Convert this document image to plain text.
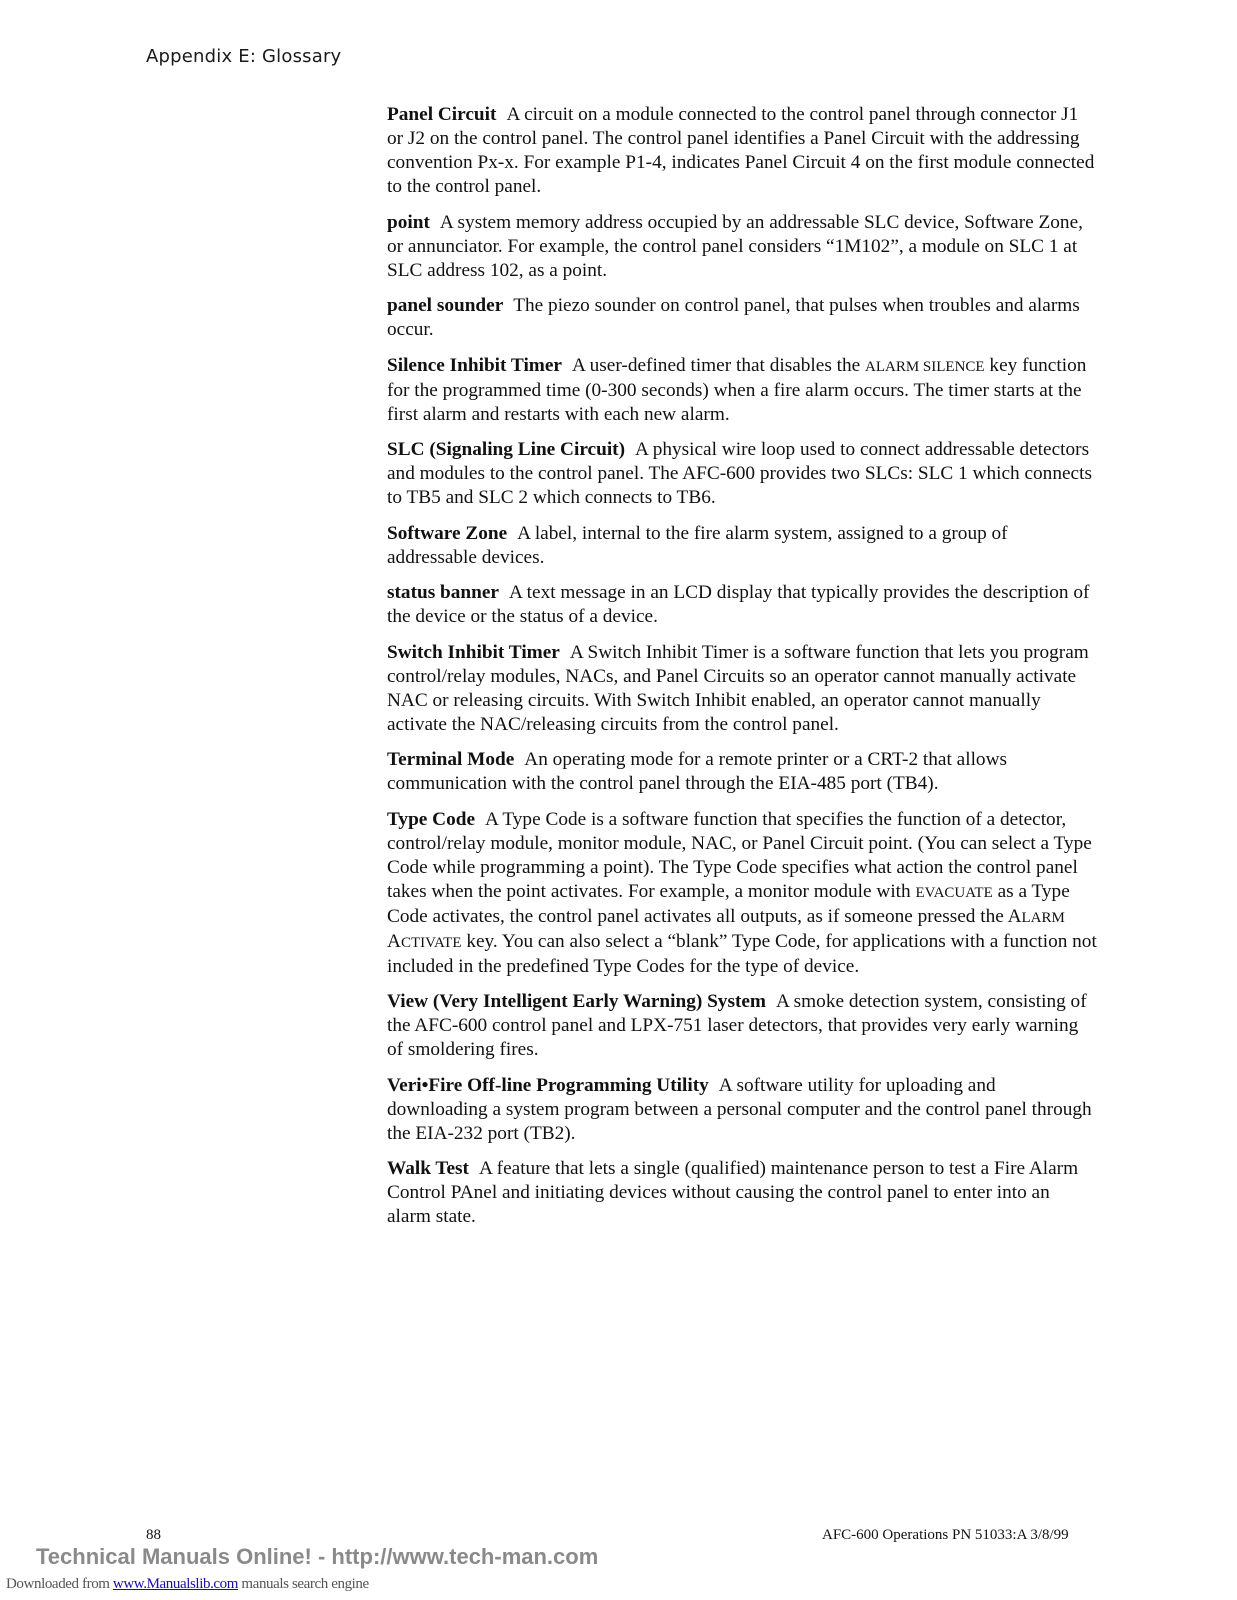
Appendix E: Glossary

Panel Circuit A circuit on a module connected to the control panel through connector J1 or J2 on the control panel. The control panel identifies a Panel Circuit with the addressing convention Px-x. For example P1-4, indicates Panel Circuit 4 on the first module connected to the control panel.

point A system memory address occupied by an addressable SLC device, Software Zone, or annunciator. For example, the control panel considers “1M102”, a module on SLC 1 at SLC address 102, as a point.

panel sounder The piezo sounder on control panel, that pulses when troubles and alarms occur.

Silence Inhibit Timer A user-defined timer that disables the ALARM SILENCE key function for the programmed time (0-300 seconds) when a fire alarm occurs. The timer starts at the first alarm and restarts with each new alarm.

SLC (Signaling Line Circuit) A physical wire loop used to connect addressable detectors and modules to the control panel. The AFC-600 provides two SLCs: SLC 1 which connects to TB5 and SLC 2 which connects to TB6.

Software Zone A label, internal to the fire alarm system, assigned to a group of addressable devices.

status banner A text message in an LCD display that typically provides the description of the device or the status of a device.

Switch Inhibit Timer A Switch Inhibit Timer is a software function that lets you program control/relay modules, NACs, and Panel Circuits so an operator cannot manually activate NAC or releasing circuits. With Switch Inhibit enabled, an operator cannot manually activate the NAC/releasing circuits from the control panel.

Terminal Mode An operating mode for a remote printer or a CRT-2 that allows communication with the control panel through the EIA-485 port (TB4).

Type Code A Type Code is a software function that specifies the function of a detector, control/relay module, monitor module, NAC, or Panel Circuit point. (You can select a Type Code while programming a point). The Type Code specifies what action the control panel takes when the point activates. For example, a monitor module with EVACUATE as a Type Code activates, the control panel activates all outputs, as if someone pressed the ALARM ACTIVATE key. You can also select a “blank” Type Code, for applications with a function not included in the predefined Type Codes for the type of device.

View (Very Intelligent Early Warning) System A smoke detection system, consisting of the AFC-600 control panel and LPX-751 laser detectors, that provides very early warning of smoldering fires.

Veri•Fire Off-line Programming Utility A software utility for uploading and downloading a system program between a personal computer and the control panel through the EIA-232 port (TB2).

Walk Test A feature that lets a single (qualified) maintenance person to test a Fire Alarm Control PAnel and initiating devices without causing the control panel to enter into an alarm state.

88	AFC-600 Operations PN 51033:A 3/8/99
Technical Manuals Online! - http://www.tech-man.com
Downloaded from www.Manualslib.com manuals search engine
